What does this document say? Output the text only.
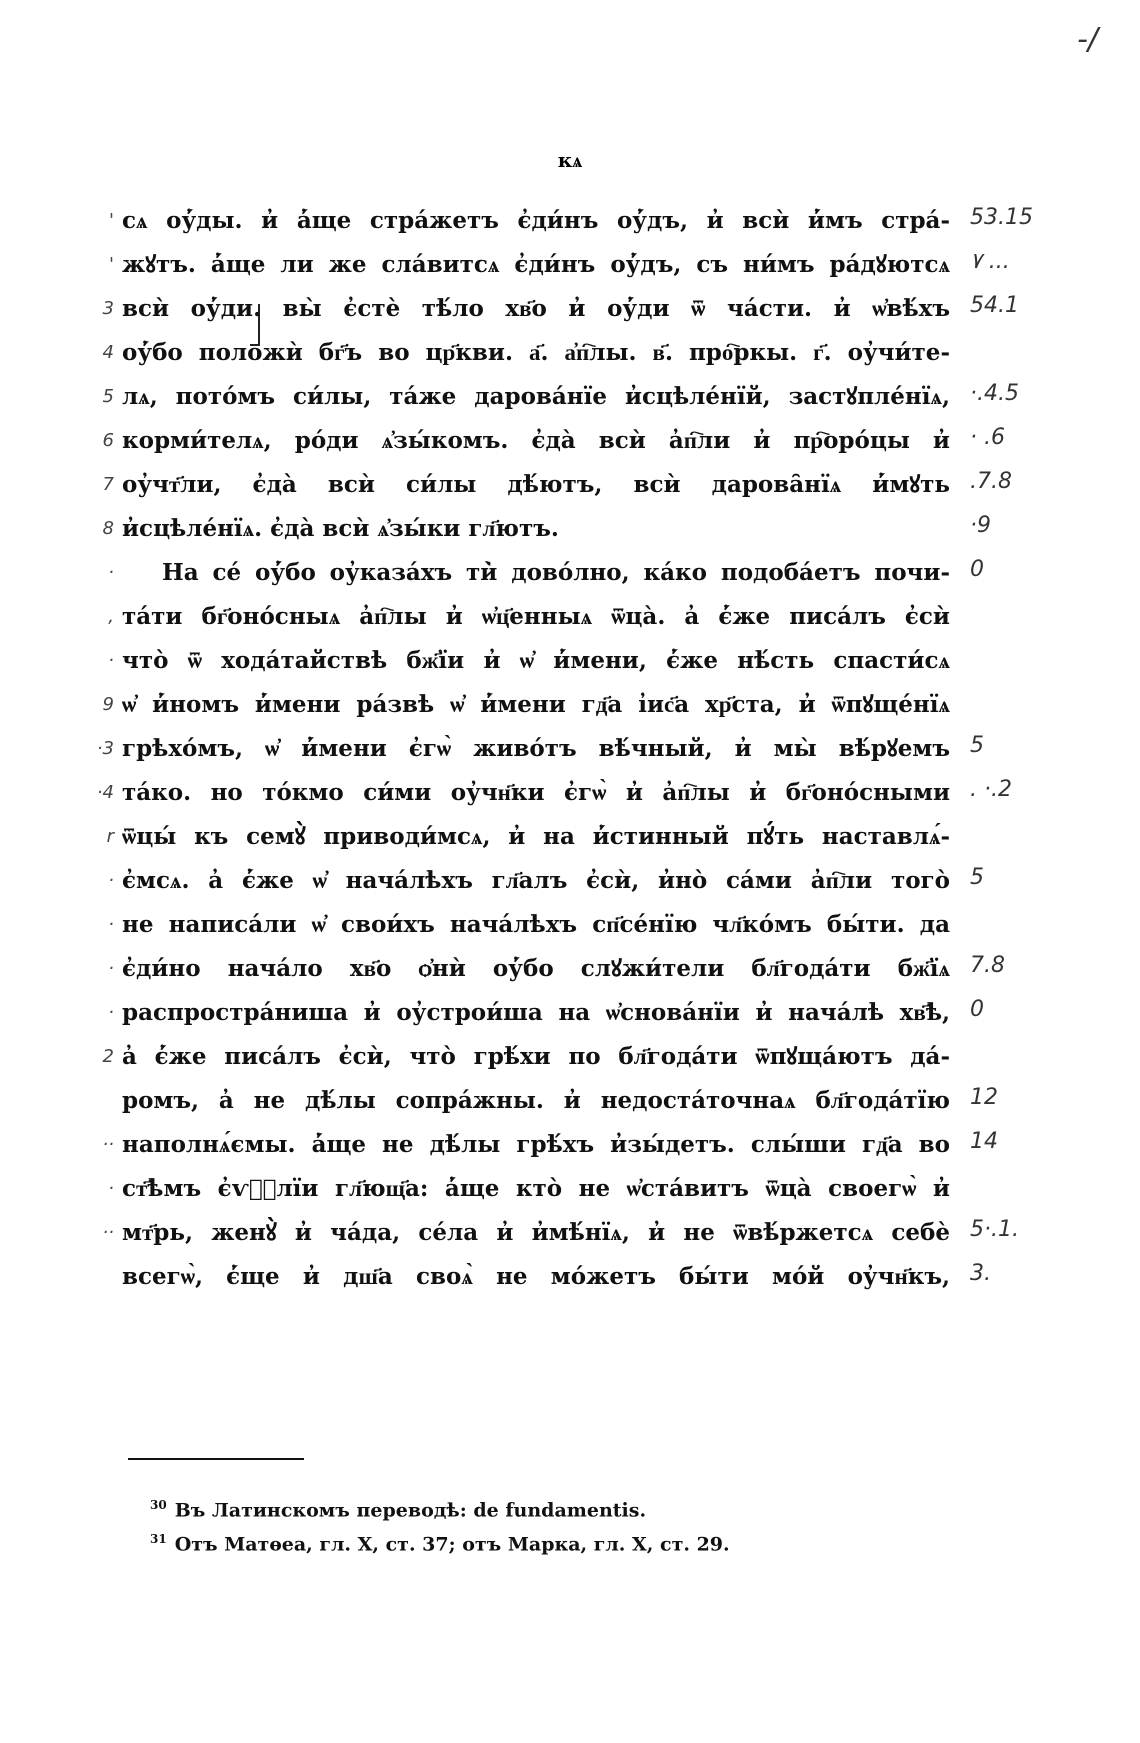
-/
кѧ
' сѧ оу̓́ды. и̓ а̓́ще стра́жетъ є̓ди́нъ оу̓́дъ, и̓ всѝ и̓́мъ стра́- 53.15
' жꙋтъ. а̓́ще ли же сла́витсѧ є̓ди́нъ оу̓́дъ, съ ни́мъ ра́дꙋютсѧ ۷ ...
3 всѝ оу̓́ди. вы̀ є̓стѐ тѣ́ло хв҃о и̓ оу̓́ди ѿ ча́сти. и̓ ѡ̓вѣ́хъ 54.1
4 оу̓́бо положѝ бг҃ъ во цр҃кви. а҃. а҆п҇лы. в҃. про҇ркы. г҃. оу̓чи́те-
5 лѧ, пото́мъ си́лы, та́же дарова́нїе и̓сцѣле́нїй, застꙋпле́нїѧ, ·.4.5
6 корми́телѧ, ро́ди ѧ̓зы́комъ. є̓да̀ всѝ а̓п҇ли и̓ пр҇оро́цы и̓ · .6
7 оу̓чт҃ли, є̓да̀ всѝ си́лы дѣ́ютъ, всѝ дарова̑нїѧ и̓́мꙋть .7.8
8 и̓сцѣле́нїѧ. є̓да̀ всѝ ѧ̓зы́ки гл҃ютъ.	·9
·	На се́ оу̓́бо оу̓каза́хъ ти̇̀ дово́лно, ка́ко подоба́етъ почи- 0
, та́ти бг҃оно́сныѧ а̓п҇лы и̓ ѡ҆ц҃енныѧ ѿца̀. а̓ є̓́же писа́лъ є̓сѝ
· что̀ ѿ хода́тайствѣ бж҃їи и̓ ѡ̓ и̓́мени, є̓́же нѣ́сть спасти́сѧ
9 ѡ̓ и̓́номъ и̓́мени ра́звѣ ѡ̓ и̓́мени гд҃а і̓ис҃а хр҃ста, и̓ ѿпꙋще́нїѧ
·3 грѣхо́мъ, ѡ̓ и̓́мени є̓гѡ̀ живо́тъ вѣ́чный, и̓ мы̀ вѣ́рꙋемъ 5
·4 та́ко. но то́кмо си́ми оу̓чн҃ки є̓гѡ̀ и̓ а̓п҇лы и̓ бг҃оно́сными . ·.2
r ѿцы́ къ семꙋ̀ приводи́мсѧ, и̓ на и̓́стинный пꙋ́ть наставлѧ́-
· є̓мсѧ. а̓ є̓́же ѡ̓ нача́лѣхъ гл҃алъ є̓сѝ, и̓но̀ са́ми а̓п҇ли того̀ 5
· не написа́ли ѡ̓ свои́хъ нача́лѣхъ сп҃се́нїю чл҃ко́мъ бы́ти. да
· є̓ди́но нача́ло хв҃о ѻ҆нѝ оу̓́бо слꙋжи́тели бл҃года́ти бж҃їѧ 7.8
· распростра́ниша и̓ оу̓строи́ша на ѡ̓снова́нїи и̓ нача́лѣ хв҃ѣ, 0
2 а̓ є̓́же писа́лъ є̓сѝ, что̀ грѣ́хи по бл҃года́ти ѿпꙋща́ютъ да́-
ромъ, а̓ не дѣ́лы сопра́жны. и̓ недоста́точнаѧ бл҃года́тїю 12
·· наполнѧ́ємы. а̓́ще не дѣ́лы грѣ́хъ и̓зы́детъ. слы́ши гд҃а во 14
· ст҃ѣмъ є̓ѵⷢ҇лїи гл҃ющ҃а: а̓́ще кто̀ не ѡ̓ста́витъ ѿца̀ своегѡ̀ и̓
·· мт҃рь, женꙋ̀ и̓ ча́да, се́ла и̓ и̓мѣ́нїѧ, и̓ не ѿвѣ́ржетсѧ себѐ 5·.1.
всегѡ̀, є̓́ще и̓ дш҃а своѧ̀ не мо́жетъ бы́ти мо́й оу̓чн҃къ, 3.
$^{30}$ Въ Латинскомъ переводѣ: de fundamentis.
$^{31}$ Отъ Матѳеа, гл. X, ст. 37; отъ Марка, гл. X, ст. 29.
